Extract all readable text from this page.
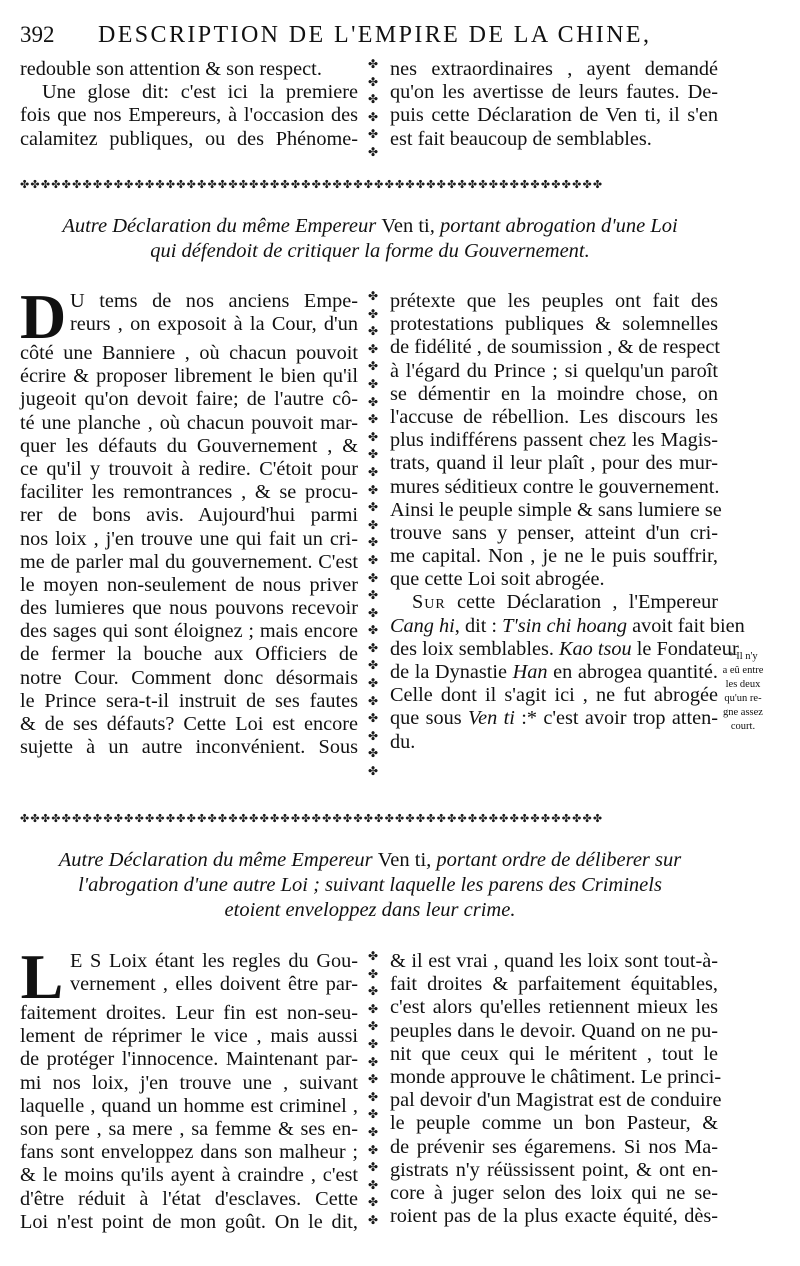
392 DESCRIPTION DE L'EMPIRE DE LA CHINE,
redouble son attention & son respect.
Une glose dit: c'est ici la premiere
fois que nos Empereurs, à l'occasion des
calamitez publiques, ou des Phénome-
✤
✤
✤
✤
✤
✤
nes extraordinaires , ayent demandé
qu'on les avertisse de leurs fautes. De-
puis cette Déclaration de Ven ti, il s'en
est fait beaucoup de semblables.
✤✤✤✤✤✤✤✤✤✤✤✤✤✤✤✤✤✤✤✤✤✤✤✤✤✤✤✤✤✤✤✤✤✤✤✤✤✤✤✤✤✤✤✤✤✤✤✤✤✤✤✤✤✤✤✤
Autre Déclaration du même Empereur Ven ti, portant abrogation d'une Loi
qui défendoit de critiquer la forme du Gouvernement.
D U tems de nos anciens Empe-
reurs , on exposoit à la Cour, d'un
côté une Banniere , où chacun pouvoit
écrire & proposer librement le bien qu'il
jugeoit qu'on devoit faire; de l'autre cô-
té une planche , où chacun pouvoit mar-
quer les défauts du Gouvernement , &
ce qu'il y trouvoit à redire. C'étoit pour
faciliter les remontrances , & se procu-
rer de bons avis. Aujourd'hui parmi
nos loix , j'en trouve une qui fait un cri-
me de parler mal du gouvernement. C'est
le moyen non-seulement de nous priver
des lumieres que nous pouvons recevoir
des sages qui sont éloignez ; mais encore
de fermer la bouche aux Officiers de
notre Cour. Comment donc désormais
le Prince sera-t-il instruit de ses fautes
& de ses défauts? Cette Loi est encore
sujette à un autre inconvénient. Sous
✤
✤
✤
✤
✤
✤
✤
✤
✤
✤
✤
✤
✤
✤
✤
✤
✤
✤
✤
✤
✤
✤
✤
✤
✤
✤
✤
✤
prétexte que les peuples ont fait des
protestations publiques & solemnelles
de fidélité , de soumission , & de respect
à l'égard du Prince ; si quelqu'un paroît
se démentir en la moindre chose, on
l'accuse de rébellion. Les discours les
plus indifférens passent chez les Magis-
trats, quand il leur plaît , pour des mur-
mures séditieux contre le gouvernement.
Ainsi le peuple simple & sans lumiere se
trouve sans y penser, atteint d'un cri-
me capital. Non , je ne le puis souffrir,
que cette Loi soit abrogée.
Sur cette Déclaration , l'Empereur
Cang hi, dit : T'sin chi hoang avoit fait bien
des loix semblables. Kao tsou le Fondateur
de la Dynastie Han en abrogea quantité.
Celle dont il s'agit ici , ne fut abrogée
que sous Ven ti :* c'est avoir trop atten-
du.
* Il n'y
a eû entre
les deux
qu'un re-
gne assez
court.
✤✤✤✤✤✤✤✤✤✤✤✤✤✤✤✤✤✤✤✤✤✤✤✤✤✤✤✤✤✤✤✤✤✤✤✤✤✤✤✤✤✤✤✤✤✤✤✤✤✤✤✤✤✤✤✤
Autre Déclaration du même Empereur Ven ti, portant ordre de déliberer sur
l'abrogation d'une autre Loi ; suivant laquelle les parens des Criminels
etoient enveloppez dans leur crime.
L E S Loix étant les regles du Gou-
vernement , elles doivent être par-
faitement droites. Leur fin est non-seu-
lement de réprimer le vice , mais aussi
de protéger l'innocence. Maintenant par-
mi nos loix, j'en trouve une , suivant
laquelle , quand un homme est criminel ,
son pere , sa mere , sa femme & ses en-
fans sont enveloppez dans son malheur ;
& le moins qu'ils ayent à craindre , c'est
d'être réduit à l'état d'esclaves. Cette
Loi n'est point de mon goût. On le dit,
✤
✤
✤
✤
✤
✤
✤
✤
✤
✤
✤
✤
✤
✤
✤
✤
& il est vrai , quand les loix sont tout-à-
fait droites & parfaitement équitables,
c'est alors qu'elles retiennent mieux les
peuples dans le devoir. Quand on ne pu-
nit que ceux qui le méritent , tout le
monde approuve le châtiment. Le princi-
pal devoir d'un Magistrat est de conduire
le peuple comme un bon Pasteur, &
de prévenir ses égaremens. Si nos Ma-
gistrats n'y réüssissent point, & ont en-
core à juger selon des loix qui ne se-
roient pas de la plus exacte équité, dès-
